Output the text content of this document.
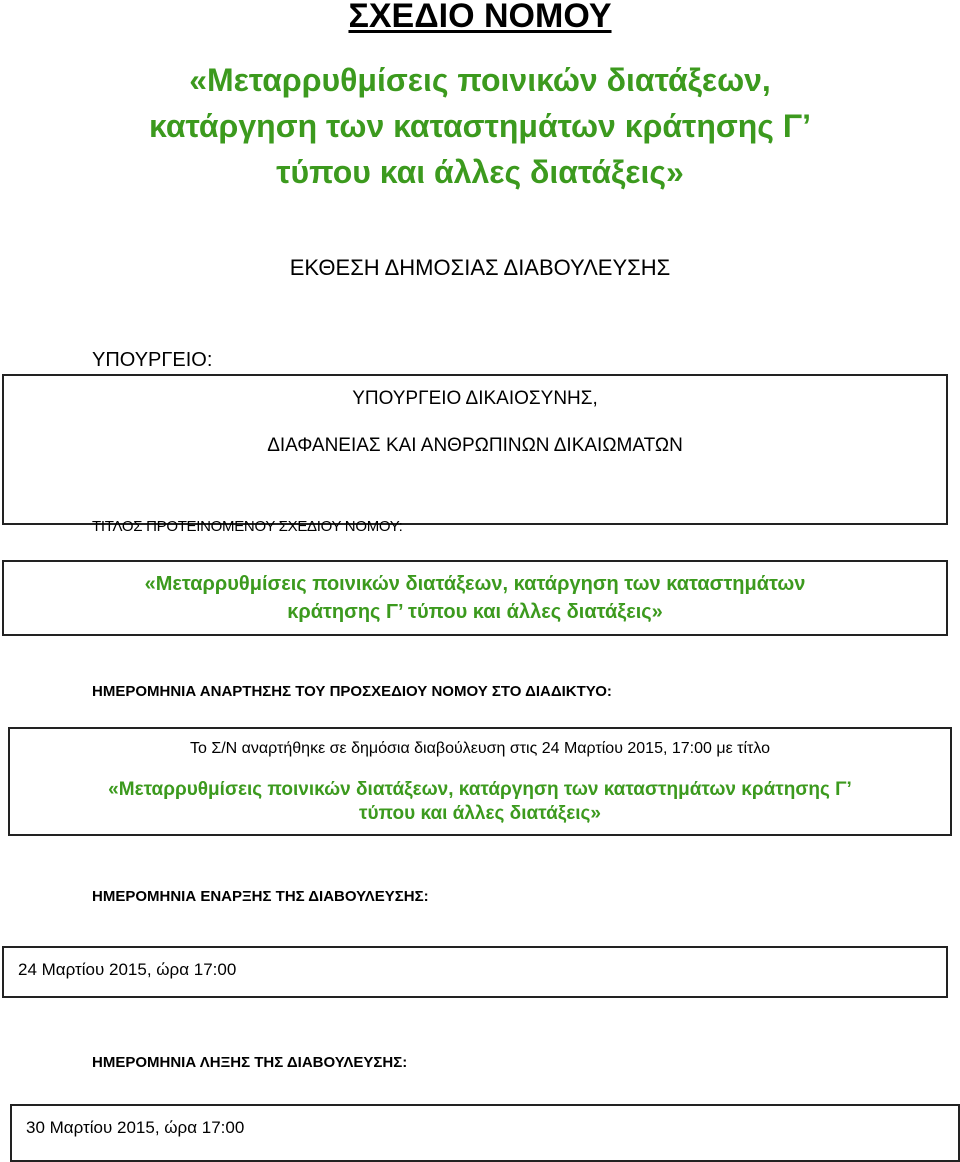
ΣΧΕΔΙΟ ΝΟΜΟΥ
«Μεταρρυθμίσεις ποινικών διατάξεων,
κατάργηση των καταστημάτων κράτησης Γ’
τύπου και άλλες διατάξεις»
ΕΚΘΕΣΗ ΔΗΜΟΣΙΑΣ ΔΙΑΒΟΥΛΕΥΣΗΣ
ΥΠΟΥΡΓΕΙΟ:
ΥΠΟΥΡΓΕΙΟ ΔΙΚΑΙΟΣΥΝΗΣ,
ΔΙΑΦΑΝΕΙΑΣ ΚΑΙ ΑΝΘΡΩΠΙΝΩΝ ΔΙΚΑΙΩΜΑΤΩΝ
ΤΙΤΛΟΣ ΠΡΟΤΕΙΝΟΜΕΝΟΥ ΣΧΕΔΙΟΥ ΝΟΜΟΥ:
«Μεταρρυθμίσεις ποινικών διατάξεων, κατάργηση των καταστημάτων
κράτησης Γ’ τύπου και άλλες διατάξεις»
ΗΜΕΡΟΜΗΝΙΑ ΑΝΑΡΤΗΣΗΣ ΤΟΥ ΠΡΟΣΧΕΔΙΟΥ ΝΟΜΟΥ ΣΤΟ ΔΙΑΔΙΚΤΥΟ:
Το Σ/Ν αναρτήθηκε σε δημόσια διαβούλευση στις 24 Μαρτίου 2015, 17:00 με τίτλο
«Μεταρρυθμίσεις ποινικών διατάξεων, κατάργηση των καταστημάτων κράτησης Γ’
τύπου και άλλες διατάξεις»
ΗΜΕΡΟΜΗΝΙΑ ΕΝΑΡΞΗΣ ΤΗΣ ΔΙΑΒΟΥΛΕΥΣΗΣ:
24 Μαρτίου 2015, ώρα 17:00
ΗΜΕΡΟΜΗΝΙΑ ΛΗΞΗΣ ΤΗΣ ΔΙΑΒΟΥΛΕΥΣΗΣ:
30 Μαρτίου 2015, ώρα 17:00
